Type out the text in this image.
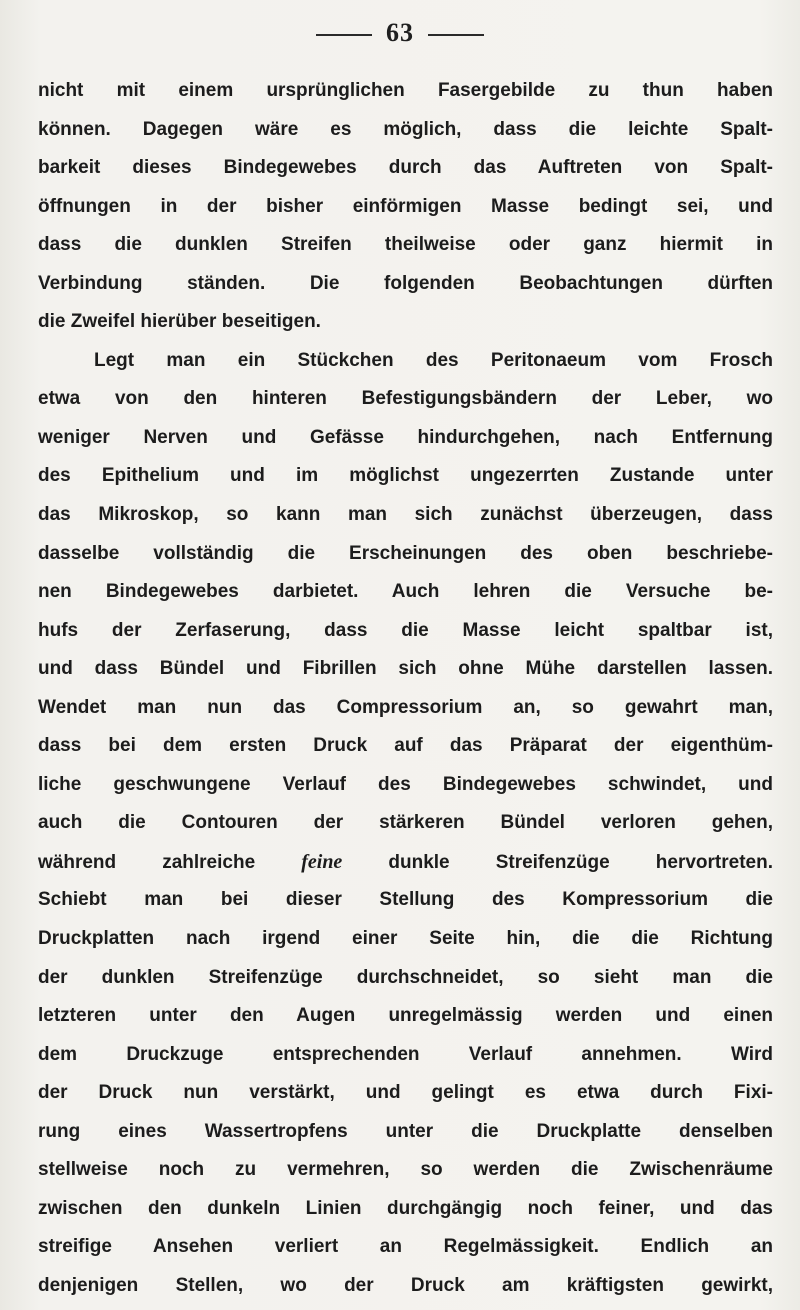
63
nicht mit einem ursprünglichen Fasergebilde zu thun haben
können. Dagegen wäre es möglich, dass die leichte Spalt-
barkeit dieses Bindegewebes durch das Auftreten von Spalt-
öffnungen in der bisher einförmigen Masse bedingt sei, und
dass die dunklen Streifen theilweise oder ganz hiermit in
Verbindung ständen. Die folgenden Beobachtungen dürften
die Zweifel hierüber beseitigen.
Legt man ein Stückchen des Peritonaeum vom Frosch
etwa von den hinteren Befestigungsbändern der Leber, wo
weniger Nerven und Gefässe hindurchgehen, nach Entfernung
des Epithelium und im möglichst ungezerrten Zustande unter
das Mikroskop, so kann man sich zunächst überzeugen, dass
dasselbe vollständig die Erscheinungen des oben beschriebe-
nen Bindegewebes darbietet. Auch lehren die Versuche be-
hufs der Zerfaserung, dass die Masse leicht spaltbar ist,
und dass Bündel und Fibrillen sich ohne Mühe darstellen lassen.
Wendet man nun das Compressorium an, so gewahrt man,
dass bei dem ersten Druck auf das Präparat der eigenthüm-
liche geschwungene Verlauf des Bindegewebes schwindet, und
auch die Contouren der stärkeren Bündel verloren gehen,
während zahlreiche feine dunkle Streifenzüge hervortreten.
Schiebt man bei dieser Stellung des Kompressorium die
Druckplatten nach irgend einer Seite hin, die die Richtung
der dunklen Streifenzüge durchschneidet, so sieht man die
letzteren unter den Augen unregelmässig werden und einen
dem Druckzuge entsprechenden Verlauf annehmen. Wird
der Druck nun verstärkt, und gelingt es etwa durch Fixi-
rung eines Wassertropfens unter die Druckplatte denselben
stellweise noch zu vermehren, so werden die Zwischenräume
zwischen den dunkeln Linien durchgängig noch feiner, und das
streifige Ansehen verliert an Regelmässigkeit. Endlich an
denjenigen Stellen, wo der Druck am kräftigsten gewirkt,
